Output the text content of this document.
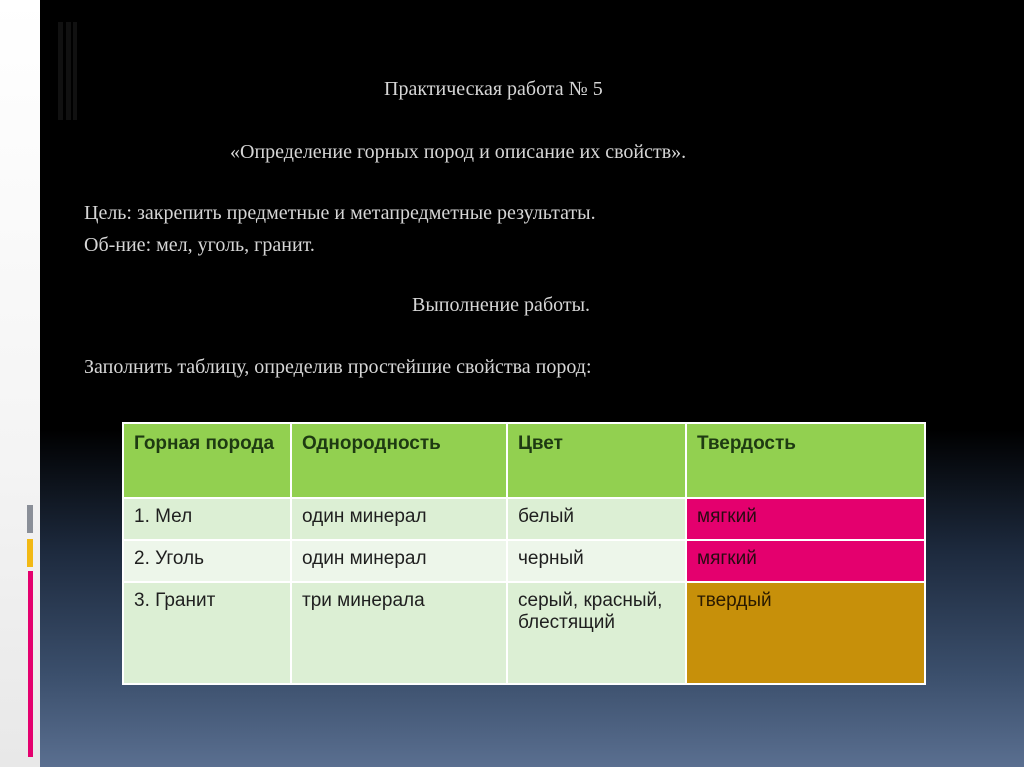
Практическая работа № 5
«Определение горных пород и описание их свойств».
Цель: закрепить предметные и метапредметные результаты.
Об-ние: мел, уголь, гранит.
Выполнение работы.
Заполнить таблицу, определив простейшие свойства пород:
Горная порода	Однородность	Цвет	Твердость
1. Мел	один минерал	белый	мягкий
2. Уголь	один минерал	черный	мягкий
3. Гранит	три минерала	серый, красный, блестящий	твердый
